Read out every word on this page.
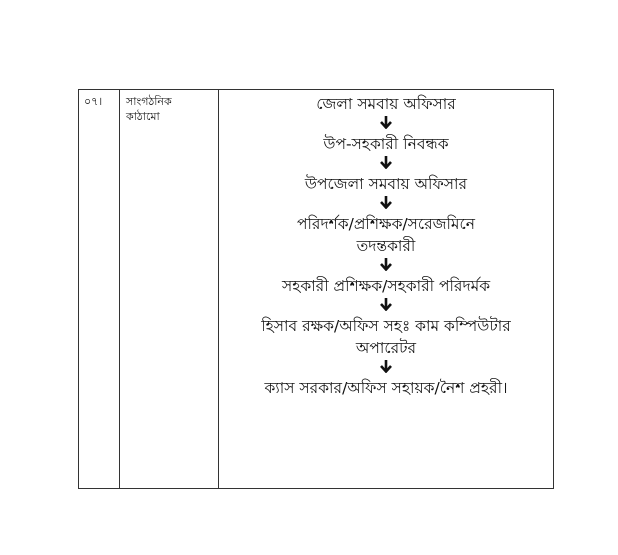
০৭।	সাংগঠনিক
কাঠামো
জেলা সমবায় অফিসার
উপ-সহকারী নিবন্ধক
উপজেলা সমবায় অফিসার
পরিদর্শক/প্রশিক্ষক/সরেজমিনে
তদন্তকারী
সহকারী প্রশিক্ষক/সহকারী পরিদর্মক
হিসাব রক্ষক/অফিস সহঃ কাম কম্পিউটার
অপারেটর
ক্যাস সরকার/অফিস সহায়ক/নৈশ প্রহরী।
